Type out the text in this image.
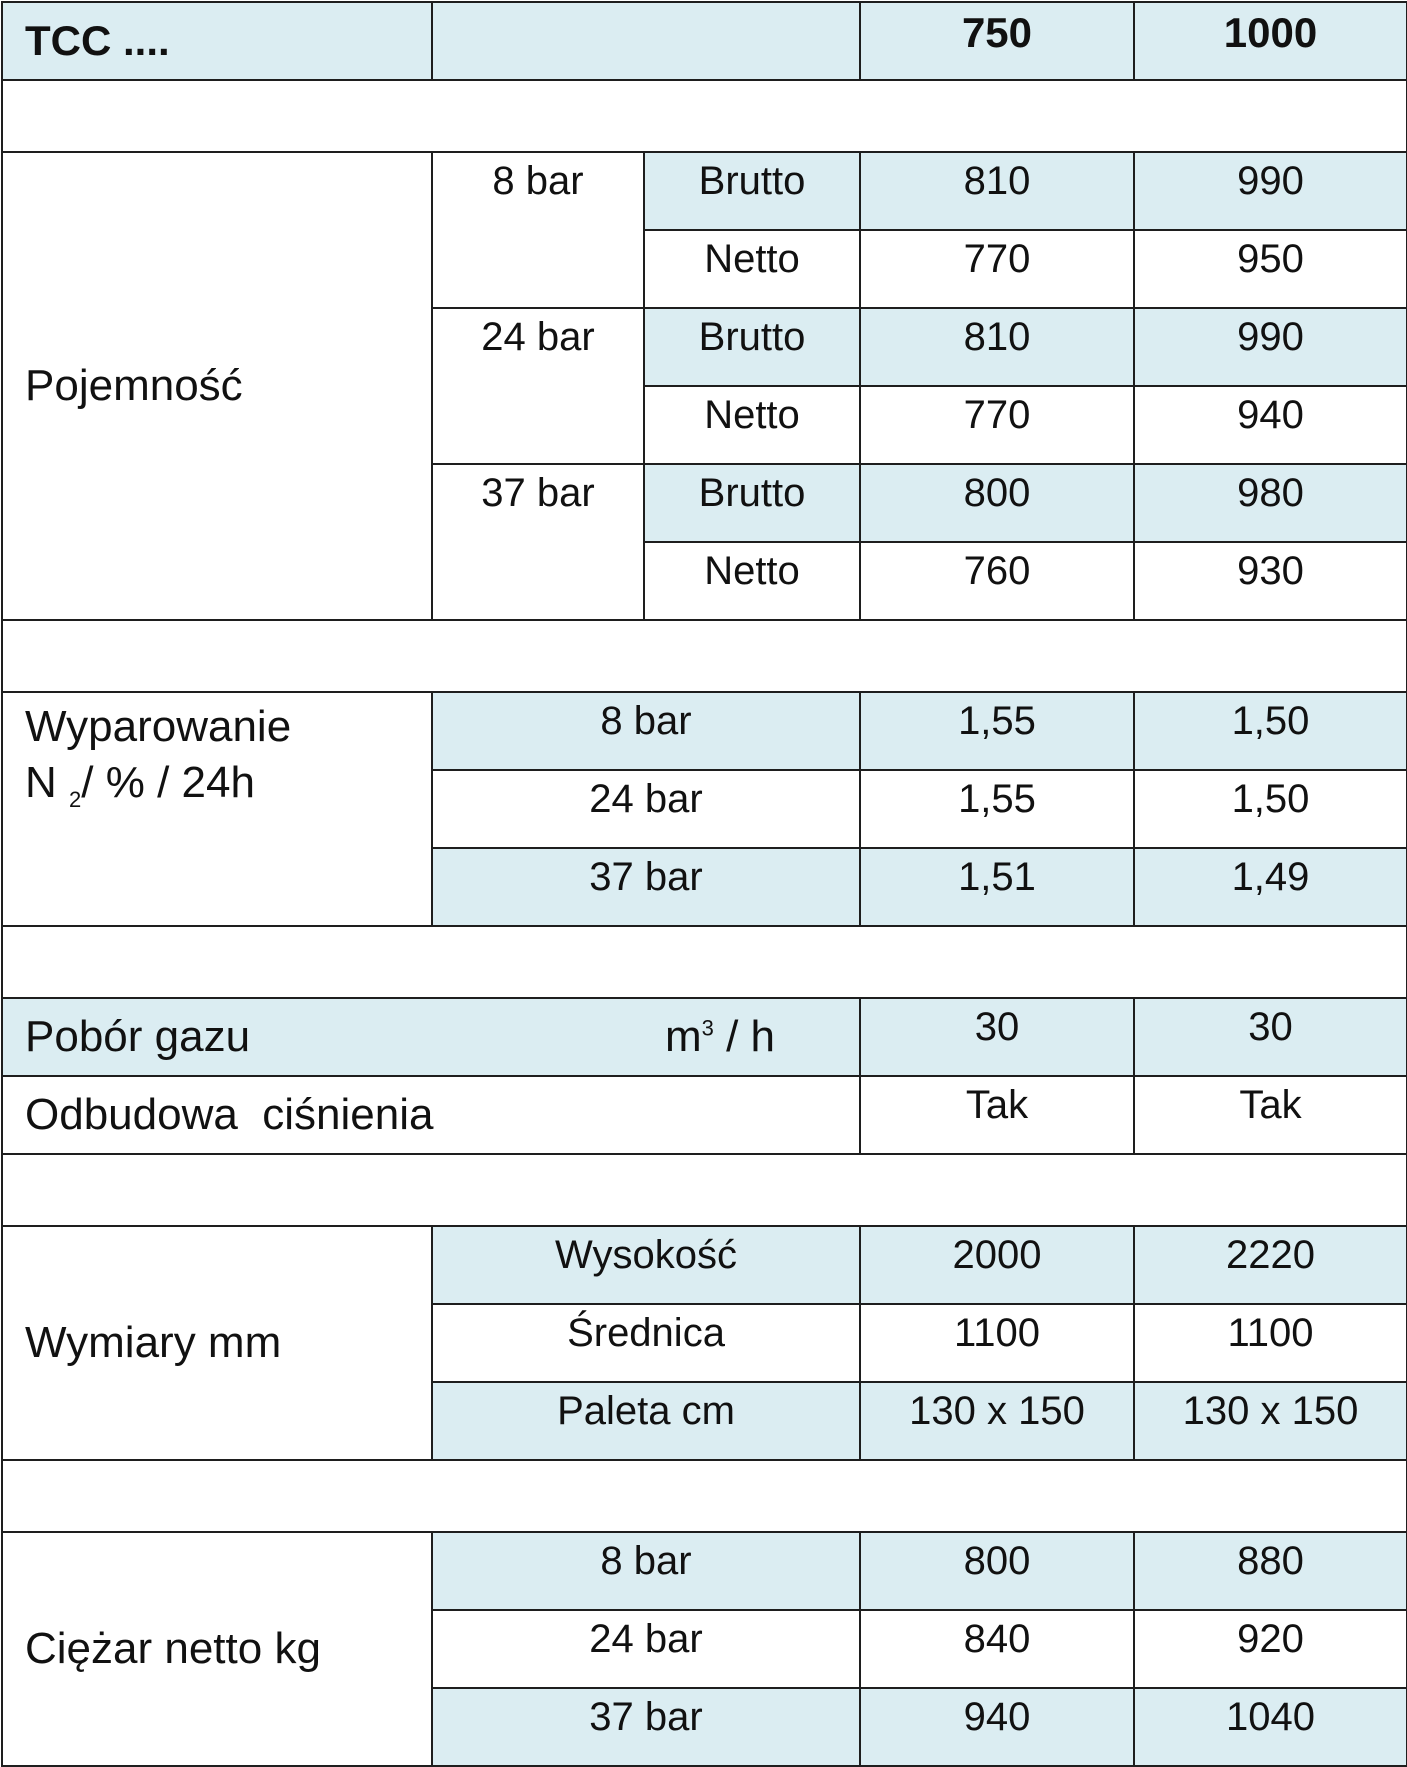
TCC ....			750	1000

Pojemność	8 bar	Brutto	810	990
		Netto	770	950
	24 bar	Brutto	810	990
		Netto	770	940
	37 bar	Brutto	800	980
		Netto	760	930

Wyparowanie
N $_2$/ % / 24h	8 bar		1,55	1,50
	24 bar		1,55	1,50
	37 bar		1,51	1,49

Pobór gazu $m^3$ / h			30	30
Odbudowa  ciśnienia			Tak	Tak

Wymiary mm	Wysokość		2000	2220
	Średnica		1100	1100
	Paleta cm		130 x 150	130 x 150

Ciężar netto kg	8 bar		800	880
	24 bar		840	920
	37 bar		940	1040
